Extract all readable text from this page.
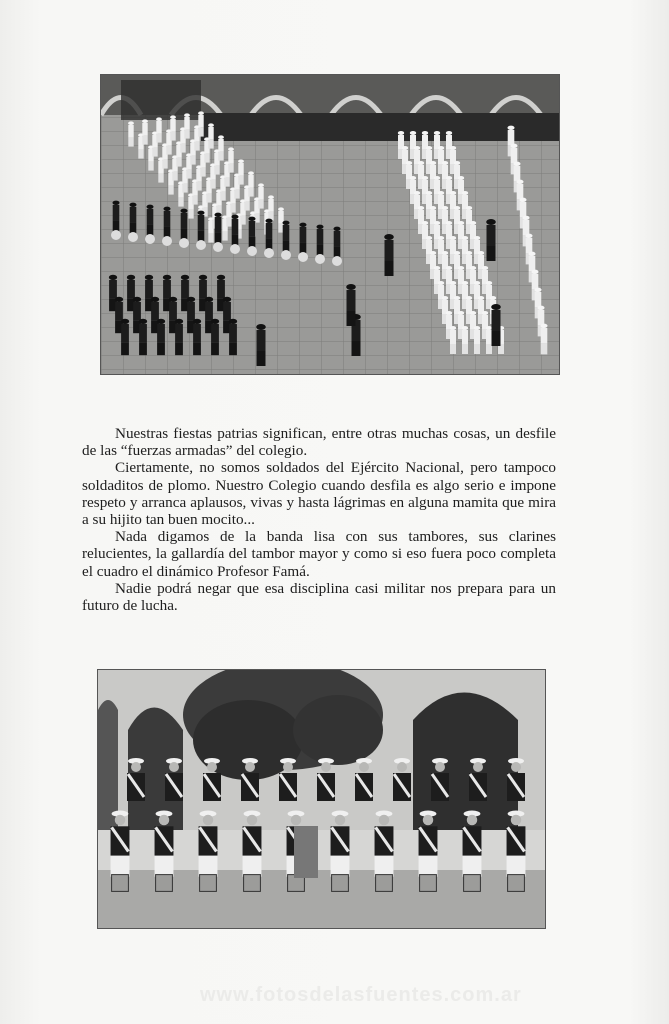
Nuestras fiestas patrias significan, entre otras muchas cosas, un desfile de las “fuerzas armadas” del colegio.

Ciertamente, no somos soldados del Ejército Nacional, pero tampoco soldaditos de plomo. Nuestro Colegio cuando desfila es algo serio e impone respeto y arranca aplausos, vivas y hasta lágrimas en alguna mamita que mira a su hijito tan buen mocito...

Nada digamos de la banda lisa con sus tambores, sus clarines relucientes, la gallardía del tambor mayor y como si eso fuera poco completa el cuadro el dinámico Profesor Famá.

Nadie podrá negar que esa disciplina casi militar nos prepara para un futuro de lucha.

www.fotosdelasfuentes.com.ar
